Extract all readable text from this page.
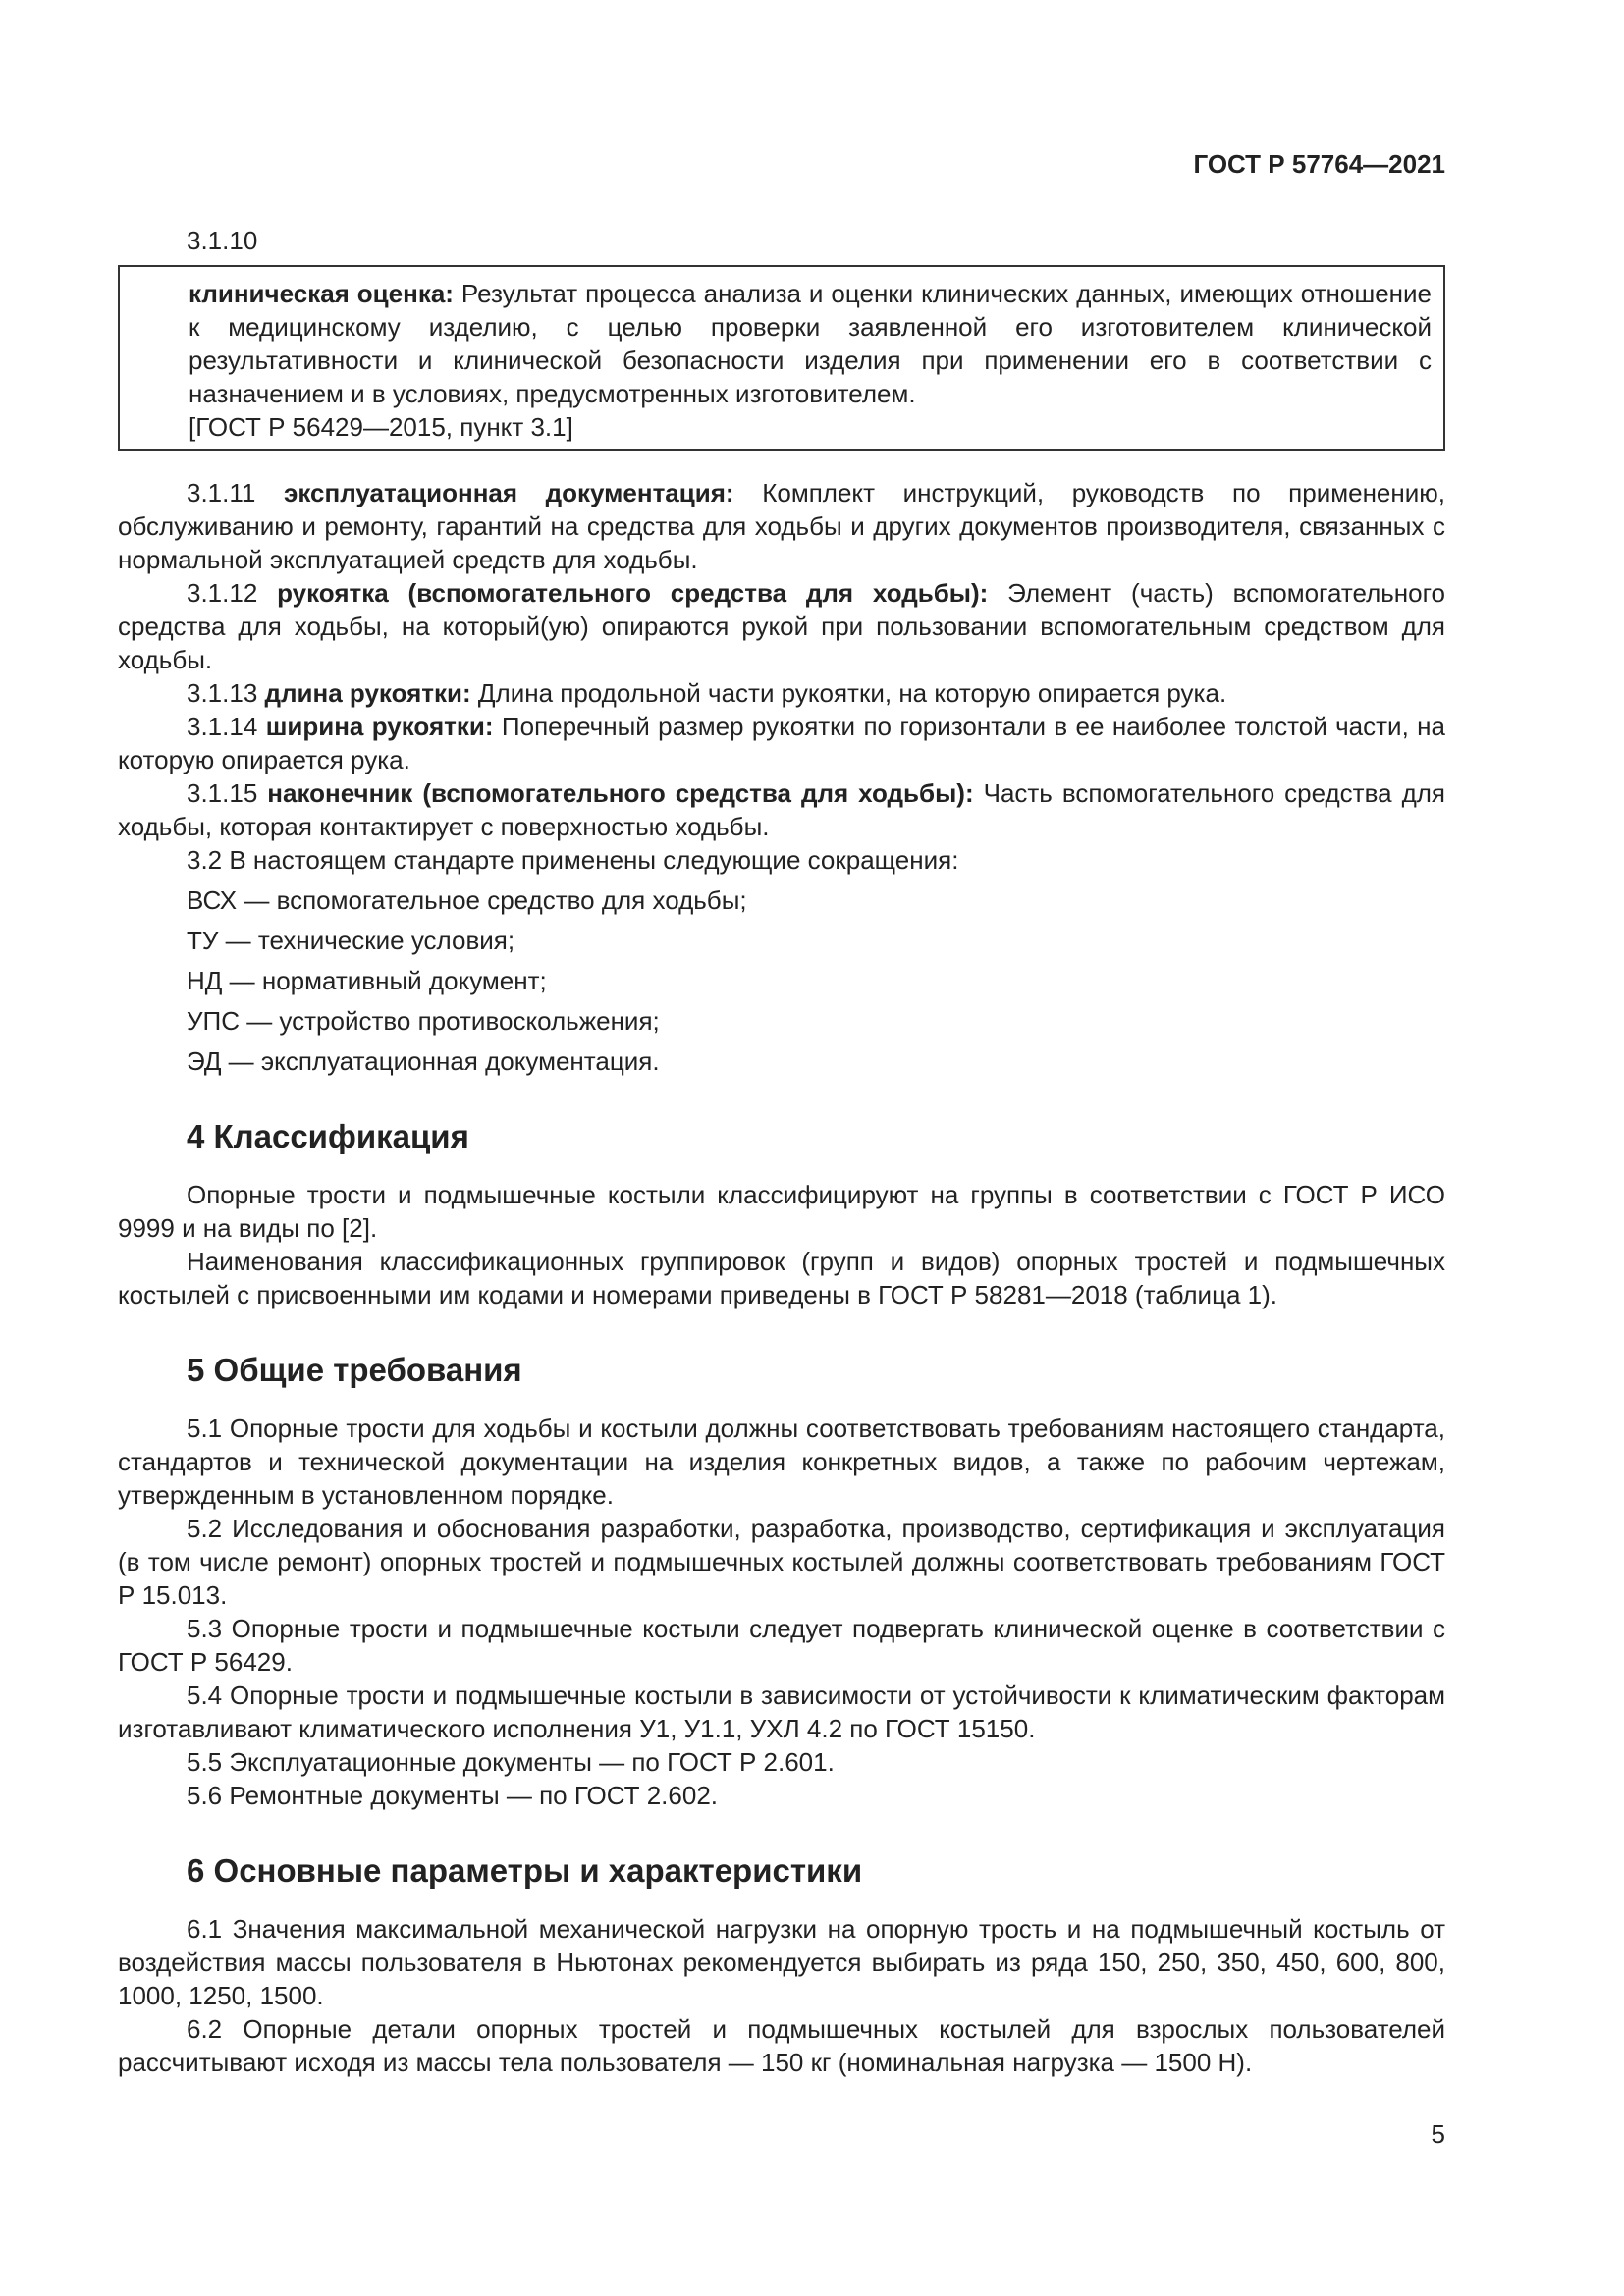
ГОСТ Р 57764—2021

3.1.10

клиническая оценка: Результат процесса анализа и оценки клинических данных, имеющих отношение к медицинскому изделию, с целью проверки заявленной его изготовителем клинической результативности и клинической безопасности изделия при применении его в соответствии с назначением и в условиях, предусмотренных изготовителем.

[ГОСТ Р 56429—2015, пункт 3.1]

3.1.11 эксплуатационная документация: Комплект инструкций, руководств по применению, обслуживанию и ремонту, гарантий на средства для ходьбы и других документов производителя, связанных с нормальной эксплуатацией средств для ходьбы.

3.1.12 рукоятка (вспомогательного средства для ходьбы): Элемент (часть) вспомогательного средства для ходьбы, на который(ую) опираются рукой при пользовании вспомогательным средством для ходьбы.

3.1.13 длина рукоятки: Длина продольной части рукоятки, на которую опирается рука.

3.1.14 ширина рукоятки: Поперечный размер рукоятки по горизонтали в ее наиболее толстой части, на которую опирается рука.

3.1.15 наконечник (вспомогательного средства для ходьбы): Часть вспомогательного средства для ходьбы, которая контактирует с поверхностью ходьбы.

3.2 В настоящем стандарте применены следующие сокращения:

ВСХ — вспомогательное средство для ходьбы;

ТУ — технические условия;

НД — нормативный документ;

УПС — устройство противоскольжения;

ЭД — эксплуатационная документация.

4 Классификация

Опорные трости и подмышечные костыли классифицируют на группы в соответствии с ГОСТ Р ИСО 9999 и на виды по [2].

Наименования классификационных группировок (групп и видов) опорных тростей и подмышечных костылей с присвоенными им кодами и номерами приведены в ГОСТ Р 58281—2018 (таблица 1).

5 Общие требования

5.1 Опорные трости для ходьбы и костыли должны соответствовать требованиям настоящего стандарта, стандартов и технической документации на изделия конкретных видов, а также по рабочим чертежам, утвержденным в установленном порядке.

5.2 Исследования и обоснования разработки, разработка, производство, сертификация и эксплуатация (в том числе ремонт) опорных тростей и подмышечных костылей должны соответствовать требованиям ГОСТ Р 15.013.

5.3 Опорные трости и подмышечные костыли следует подвергать клинической оценке в соответствии с ГОСТ Р 56429.

5.4 Опорные трости и подмышечные костыли в зависимости от устойчивости к климатическим факторам изготавливают климатического исполнения У1, У1.1, УХЛ 4.2 по ГОСТ 15150.

5.5 Эксплуатационные документы — по ГОСТ Р 2.601.

5.6 Ремонтные документы — по ГОСТ 2.602.

6 Основные параметры и характеристики

6.1 Значения максимальной механической нагрузки на опорную трость и на подмышечный костыль от воздействия массы пользователя в Ньютонах рекомендуется выбирать из ряда 150, 250, 350, 450, 600, 800, 1000, 1250, 1500.

6.2 Опорные детали опорных тростей и подмышечных костылей для взрослых пользователей рассчитывают исходя из массы тела пользователя — 150 кг (номинальная нагрузка — 1500 Н).

5
